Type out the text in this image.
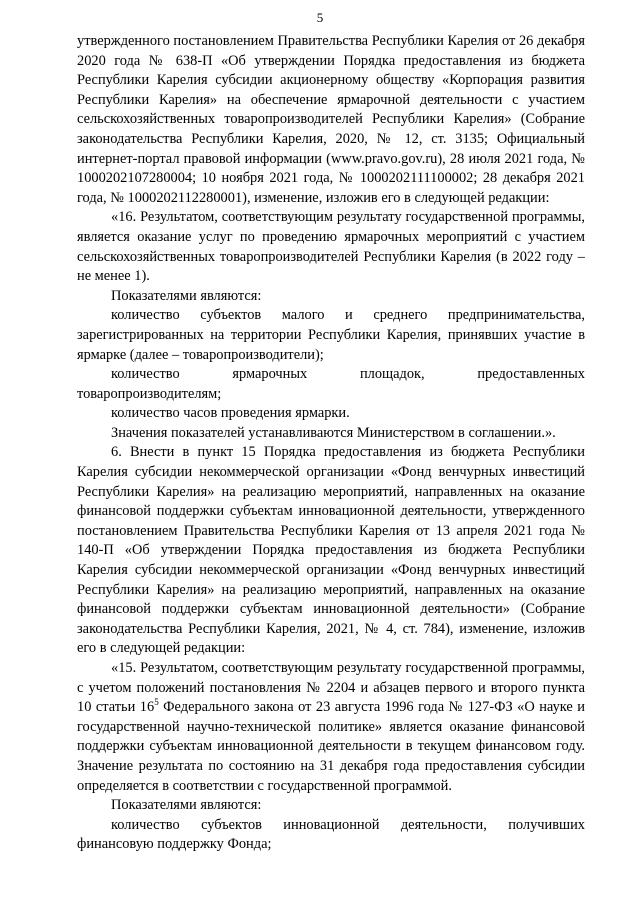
5

утвержденного постановлением Правительства Республики Карелия от 26 декабря 2020 года № 638-П «Об утверждении Порядка предоставления из бюджета Республики Карелия субсидии акционерному обществу «Корпорация развития Республики Карелия» на обеспечение ярмарочной деятельности с участием сельскохозяйственных товаропроизводителей Республики Карелия» (Собрание законодательства Республики Карелия, 2020, № 12, ст. 3135; Официальный интернет-портал правовой информации (www.pravo.gov.ru), 28 июля 2021 года, № 1000202107280004; 10 ноября 2021 года, № 1000202111100002; 28 декабря 2021 года, № 1000202112280001), изменение, изложив его в следующей редакции:

«16. Результатом, соответствующим результату государственной программы, является оказание услуг по проведению ярмарочных мероприятий с участием сельскохозяйственных товаропроизводителей Республики Карелия (в 2022 году – не менее 1).

Показателями являются:

количество субъектов малого и среднего предпринимательства, зарегистрированных на территории Республики Карелия, принявших участие в ярмарке (далее – товаропроизводители);

количество ярмарочных площадок, предоставленных

товаропроизводителям;

количество часов проведения ярмарки.

Значения показателей устанавливаются Министерством в соглашении.».

6. Внести в пункт 15 Порядка предоставления из бюджета Республики Карелия субсидии некоммерческой организации «Фонд венчурных инвестиций Республики Карелия» на реализацию мероприятий, направленных на оказание финансовой поддержки субъектам инновационной деятельности, утвержденного постановлением Правительства Республики Карелия от 13 апреля 2021 года № 140-П «Об утверждении Порядка предоставления из бюджета Республики Карелия субсидии некоммерческой организации «Фонд венчурных инвестиций Республики Карелия» на реализацию мероприятий, направленных на оказание финансовой поддержки субъектам инновационной деятельности» (Собрание законодательства Республики Карелия, 2021, № 4, ст. 784), изменение, изложив его в следующей редакции:

«15. Результатом, соответствующим результату государственной программы, с учетом положений постановления № 2204 и абзацев первого и второго пункта 10 статьи $16^5$ Федерального закона от 23 августа 1996 года № 127-ФЗ «О науке и государственной научно-технической политике» является оказание финансовой поддержки субъектам инновационной деятельности в текущем финансовом году. Значение результата по состоянию на 31 декабря года предоставления субсидии определяется в соответствии с государственной программой.

Показателями являются:

количество субъектов инновационной деятельности, получивших финансовую поддержку Фонда;
